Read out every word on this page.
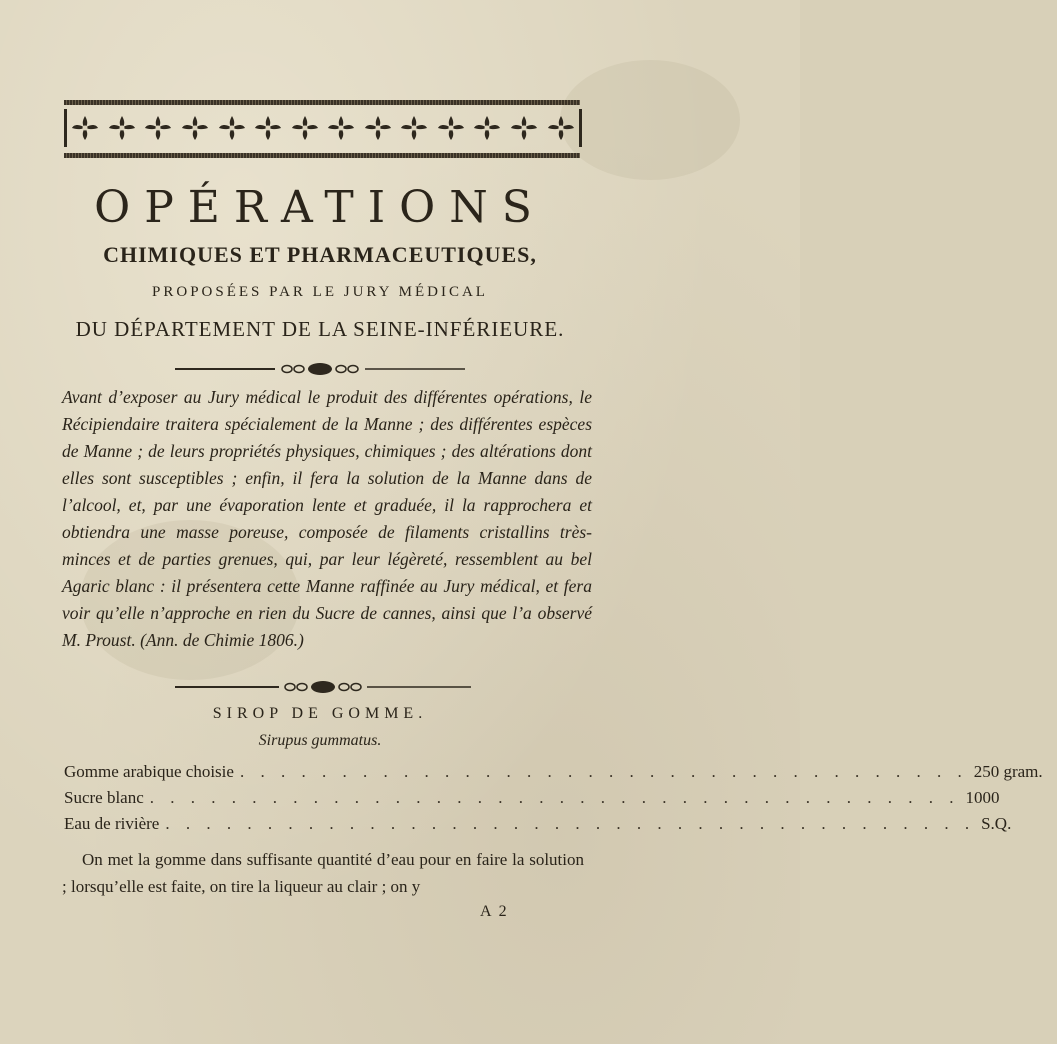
OPÉRATIONS
CHIMIQUES ET PHARMACEUTIQUES,
PROPOSÉES PAR LE JURY MÉDICAL
DU DÉPARTEMENT DE LA SEINE-INFÉRIEURE.
Avant d’exposer au Jury médical le produit des différentes opérations, le Récipiendaire traitera spécialement de la Manne ; des différentes espèces de Manne ; de leurs propriétés physiques, chimiques ; des altérations dont elles sont susceptibles ; enfin, il fera la solution de la Manne dans de l’alcool, et, par une évaporation lente et graduée, il la rapprochera et obtiendra une masse poreuse, composée de filaments cristallins très-minces et de parties grenues, qui, par leur légèreté, ressemblent au bel Agaric blanc : il présentera cette Manne raffinée au Jury médical, et fera voir qu’elle n’approche en rien du Sucre de cannes, ainsi que l’a observé M. Proust. (Ann. de Chimie 1806.)
SIROP DE GOMME.
Sirupus gummatus.
Gomme arabique choisie . . . . . . . . . . . . . . . . . . . . . . . . . . . . . . . . . . . . 250 gram.
Sucre blanc . . . . . . . . . . . . . . . . . . . . . . . . . . . . . . . . . . . . . . . . 1000
Eau de rivière . . . . . . . . . . . . . . . . . . . . . . . . . . . . . . . . . . . . . . . . S.Q.
On met la gomme dans suffisante quantité d’eau pour en faire la solution ; lorsqu’elle est faite, on tire la liqueur au clair ; on y
A 2
